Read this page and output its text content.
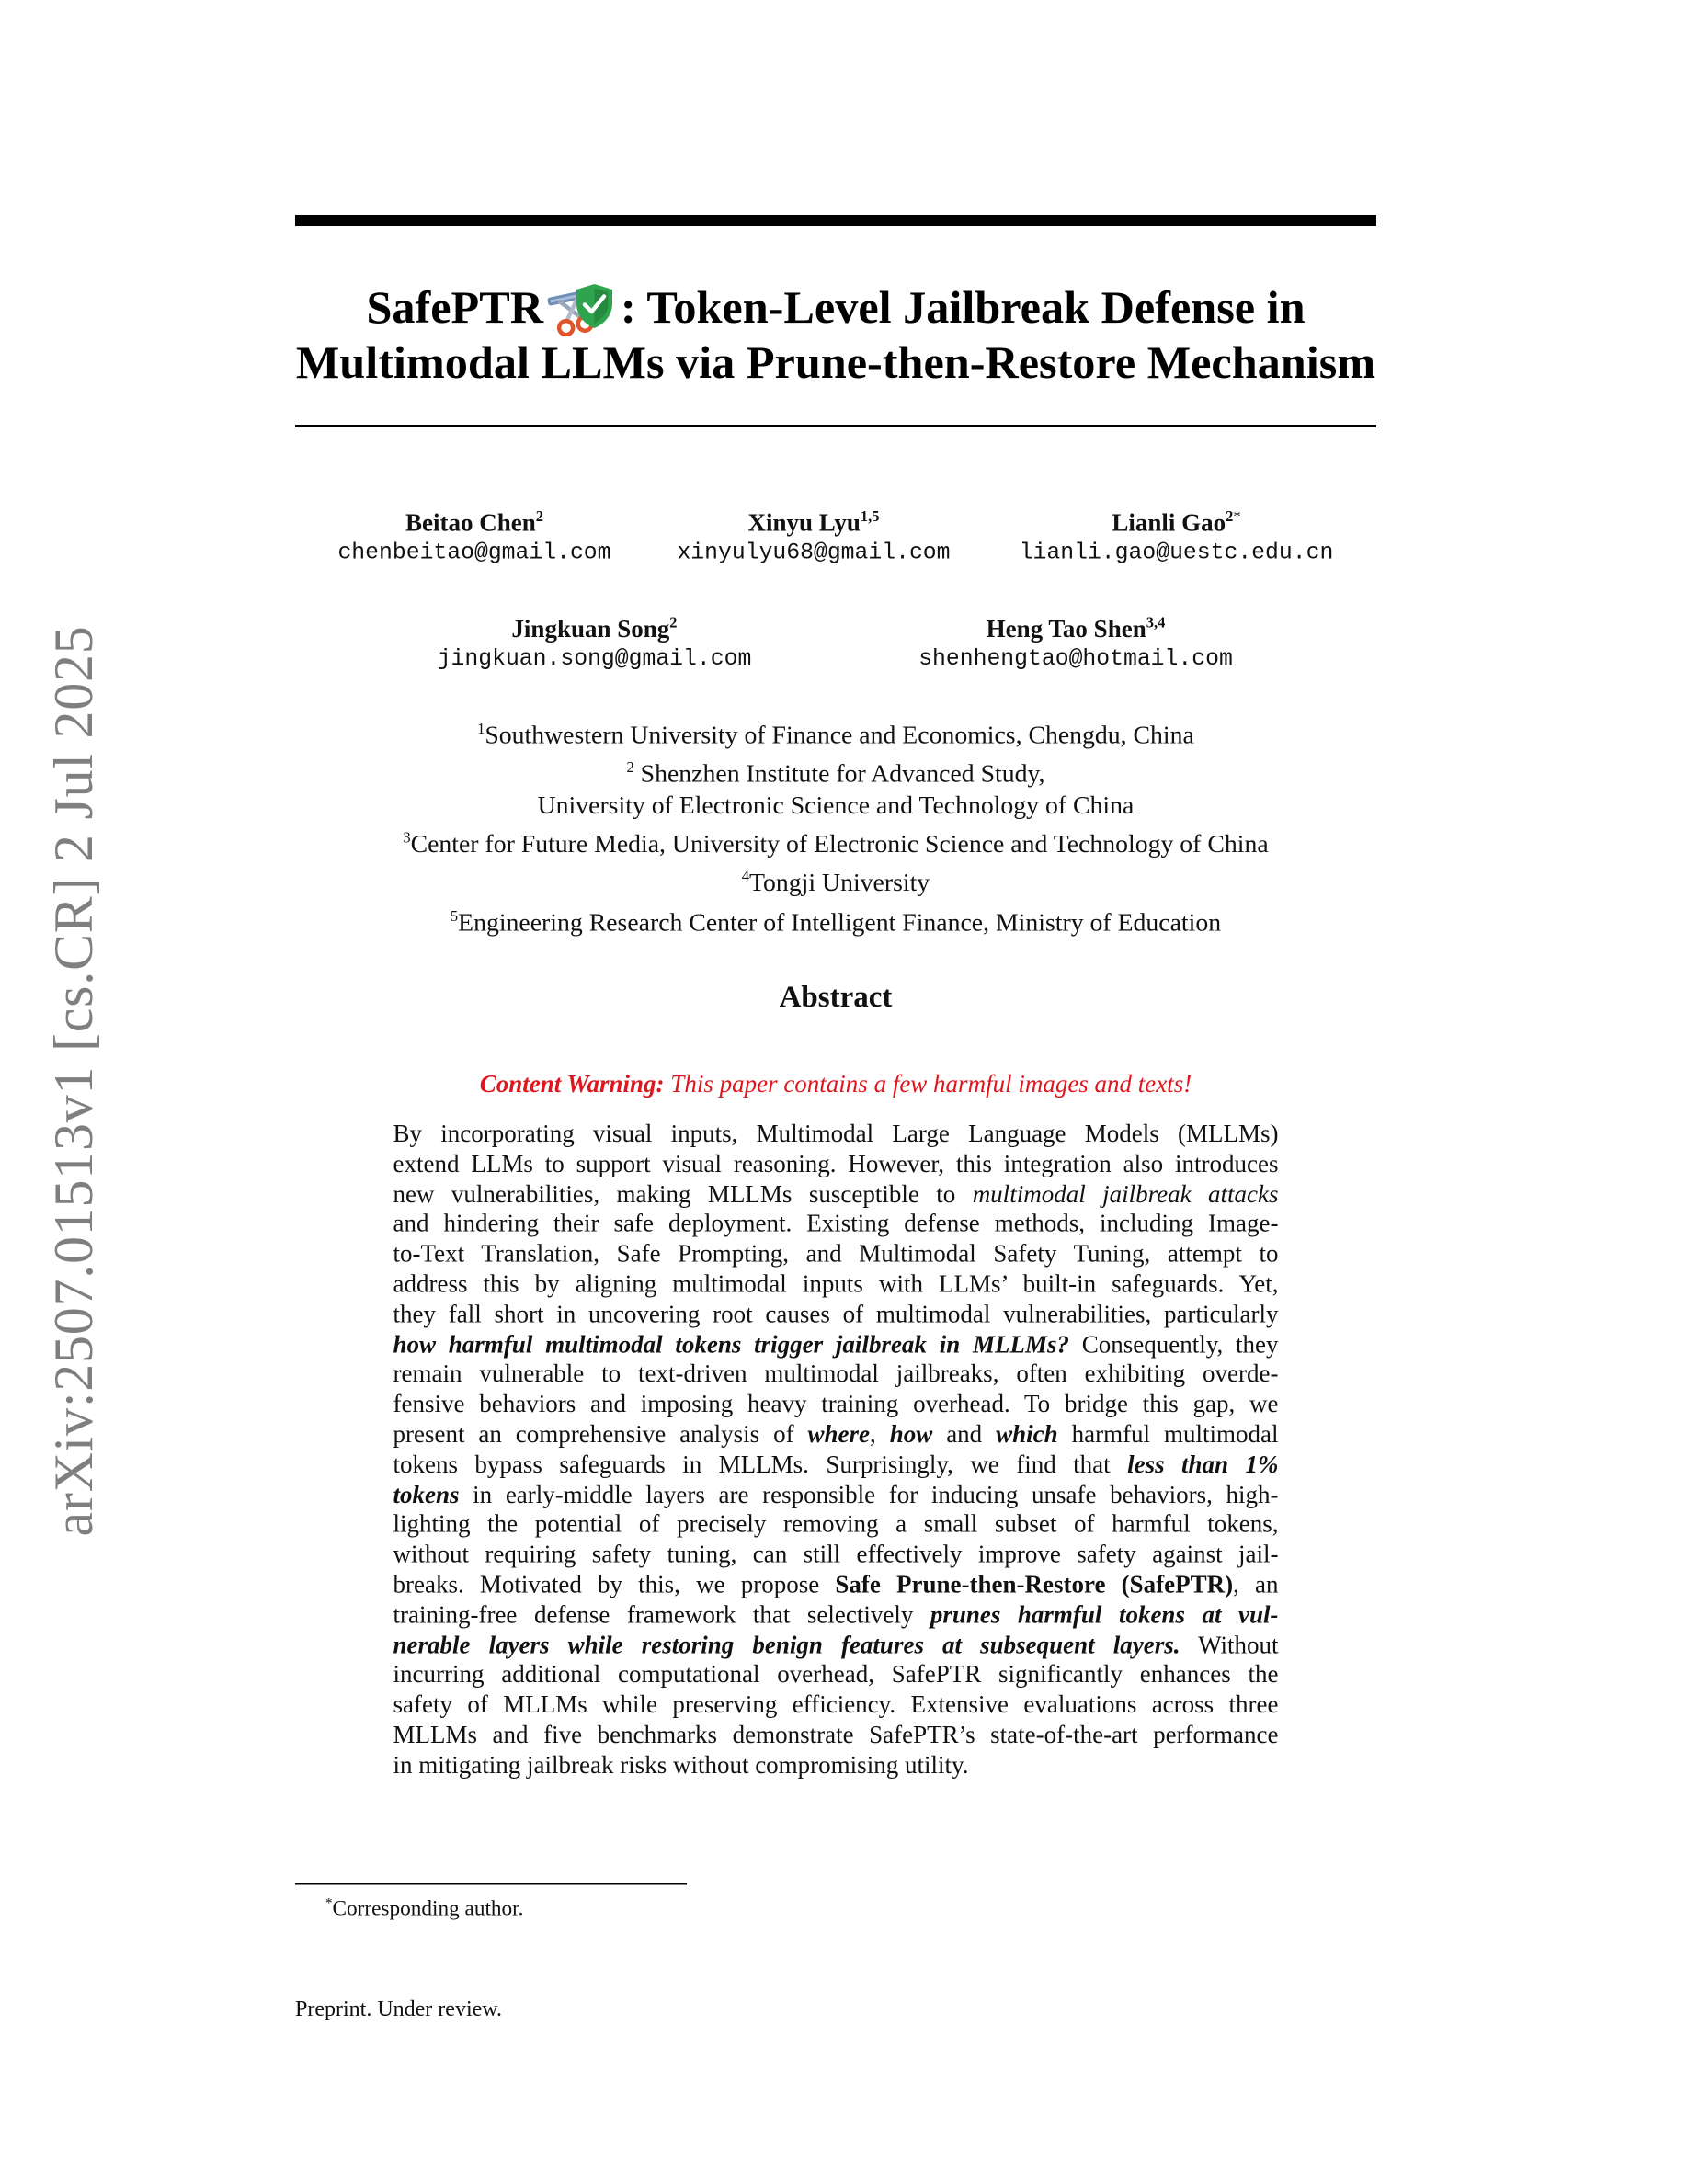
arXiv:2507.01513v1 [cs.CR] 2 Jul 2025
SafePTR	: Token-Level Jailbreak Defense in
Multimodal LLMs via Prune-then-Restore Mechanism
Beitao Chen$^2$
chenbeitao@gmail.com
Xinyu Lyu$^{1,5}$
xinyulyu68@gmail.com
Lianli Gao$^{2*}$
lianli.gao@uestc.edu.cn
Jingkuan Song$^2$
jingkuan.song@gmail.com
Heng Tao Shen$^{3,4}$
shenhengtao@hotmail.com
$^1$Southwestern University of Finance and Economics, Chengdu, China
$^2$ Shenzhen Institute for Advanced Study,
University of Electronic Science and Technology of China
$^3$Center for Future Media, University of Electronic Science and Technology of China
$^4$Tongji University
$^5$Engineering Research Center of Intelligent Finance, Ministry of Education
Abstract
Content Warning: This paper contains a few harmful images and texts!
By incorporating visual inputs, Multimodal Large Language Models (MLLMs)
extend LLMs to support visual reasoning. However, this integration also introduces
new vulnerabilities, making MLLMs susceptible to multimodal jailbreak attacks
and hindering their safe deployment. Existing defense methods, including Image-
to-Text Translation, Safe Prompting, and Multimodal Safety Tuning, attempt to
address this by aligning multimodal inputs with LLMs’ built-in safeguards. Yet,
they fall short in uncovering root causes of multimodal vulnerabilities, particularly
how harmful multimodal tokens trigger jailbreak in MLLMs? Consequently, they
remain vulnerable to text-driven multimodal jailbreaks, often exhibiting overde-
fensive behaviors and imposing heavy training overhead. To bridge this gap, we
present an comprehensive analysis of where, how and which harmful multimodal
tokens bypass safeguards in MLLMs. Surprisingly, we find that less than 1%
tokens in early-middle layers are responsible for inducing unsafe behaviors, high-
lighting the potential of precisely removing a small subset of harmful tokens,
without requiring safety tuning, can still effectively improve safety against jail-
breaks. Motivated by this, we propose Safe Prune-then-Restore (SafePTR), an
training-free defense framework that selectively prunes harmful tokens at vul-
nerable layers while restoring benign features at subsequent layers. Without
incurring additional computational overhead, SafePTR significantly enhances the
safety of MLLMs while preserving efficiency. Extensive evaluations across three
MLLMs and five benchmarks demonstrate SafePTR’s state-of-the-art performance
in mitigating jailbreak risks without compromising utility.
*Corresponding author.
Preprint. Under review.
